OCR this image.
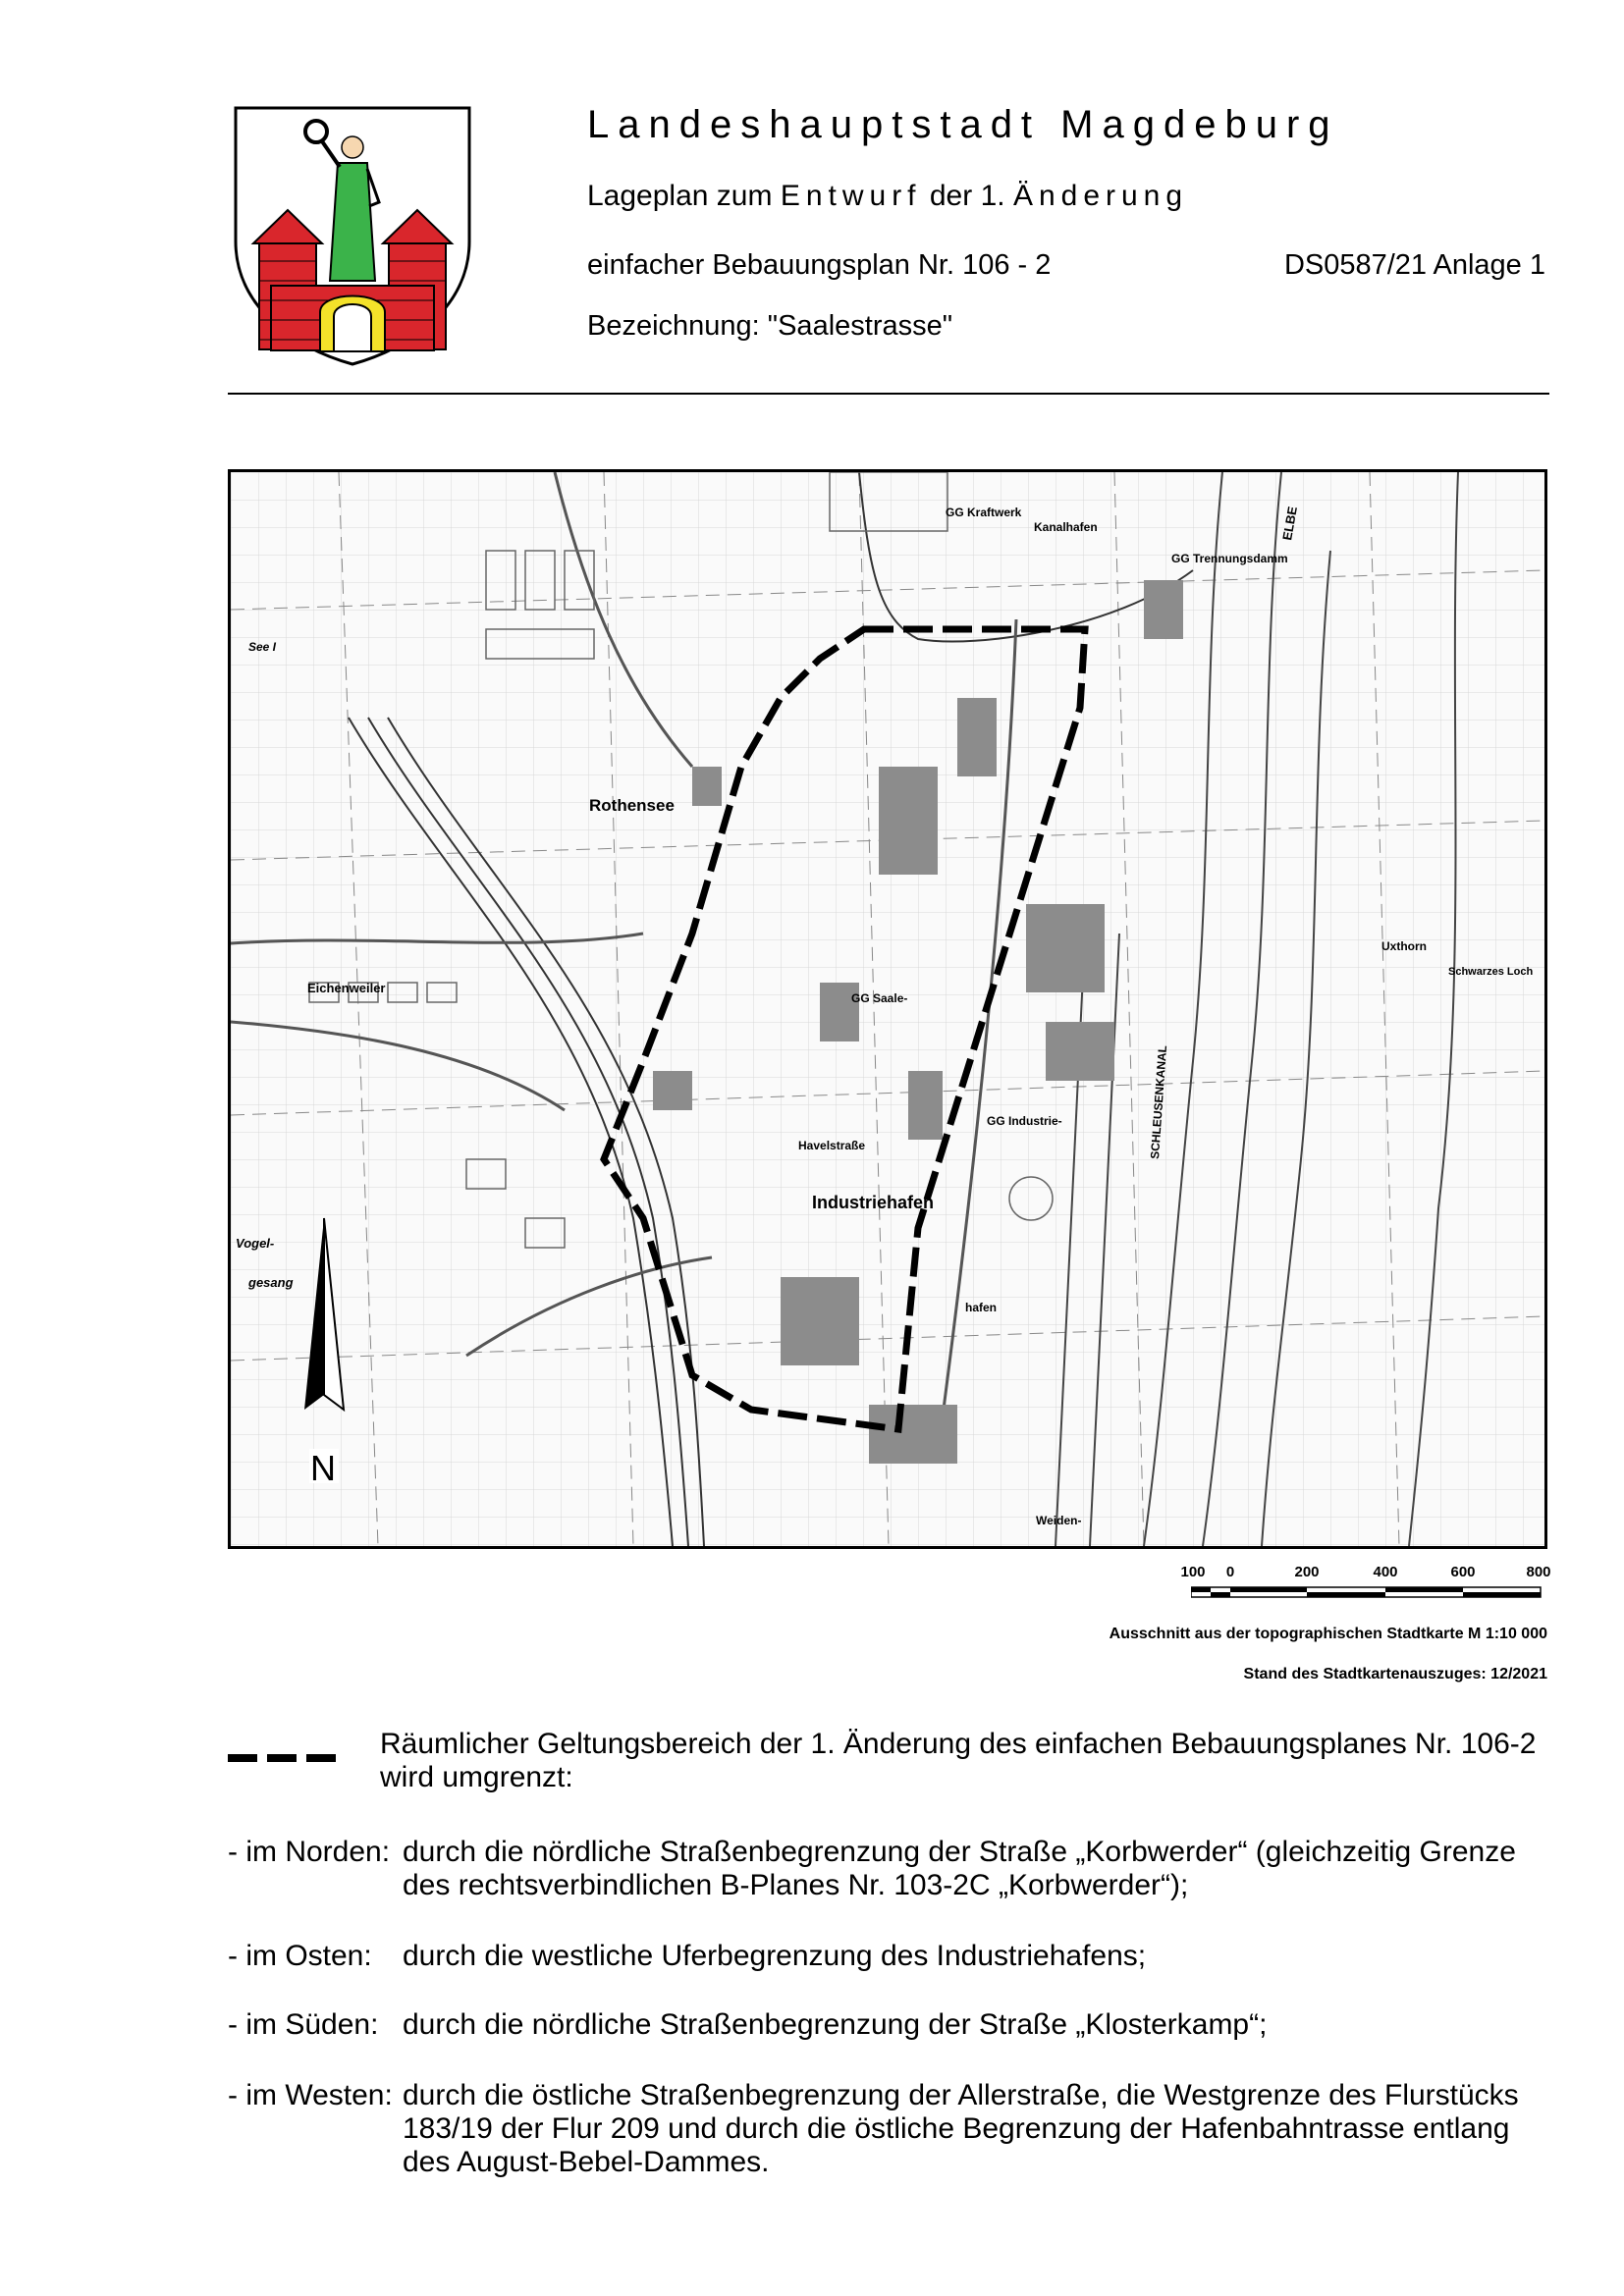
Landeshauptstadt Magdeburg
Lageplan zum Entwurf der 1. Änderung
einfacher Bebauungsplan Nr. 106 - 2	DS0587/21 Anlage 1
Bezeichnung: "Saalestrasse"
GG Kraftwerk
Kanalhafen
GG Trennungsdamm
ELBE
See I
Rothensee
Eichenweiler
GG Saale-
Havelstraße
Industriehafen
GG Industrie-
hafen
SCHLEUSENKANAL
Uxthorn
Schwarzes Loch
Vogel-
gesang
Weiden-
N
100 0	200	400	600	800
Ausschnitt aus der topographischen Stadtkarte M 1:10 000
Stand des Stadtkartenauszuges: 12/2021
Räumlicher Geltungsbereich der 1. Änderung des einfachen Bebauungsplanes Nr. 106-2 wird umgrenzt:
- im Norden: durch die nördliche Straßenbegrenzung der Straße „Korbwerder“ (gleichzeitig Grenze des rechtsverbindlichen B-Planes Nr. 103-2C „Korbwerder“);
- im Osten: durch die westliche Uferbegrenzung des Industriehafens;
- im Süden: durch die nördliche Straßenbegrenzung der Straße „Klosterkamp“;
- im Westen: durch die östliche Straßenbegrenzung der Allerstraße, die Westgrenze des Flurstücks 183/19 der Flur 209 und durch die östliche Begrenzung der Hafenbahntrasse entlang des August-Bebel-Dammes.
